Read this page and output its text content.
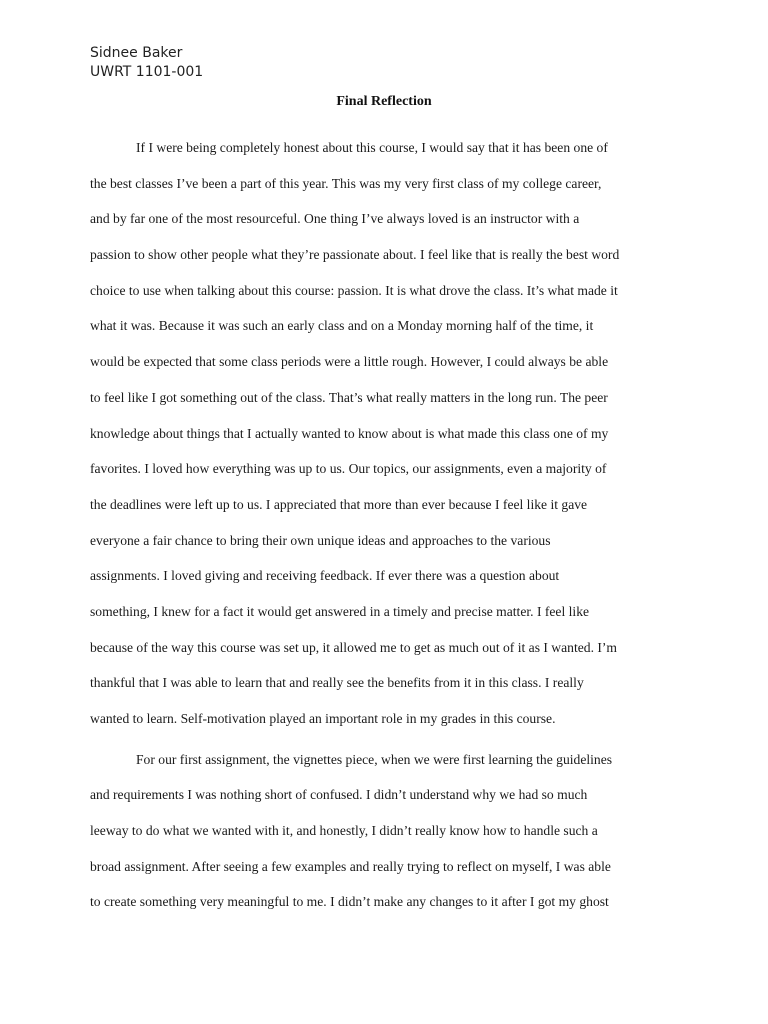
Sidnee Baker
UWRT 1101-001
Final Reflection
If I were being completely honest about this course, I would say that it has been one of
the best classes I’ve been a part of this year. This was my very first class of my college career,
and by far one of the most resourceful. One thing I’ve always loved is an instructor with a
passion to show other people what they’re passionate about. I feel like that is really the best word
choice to use when talking about this course: passion. It is what drove the class. It’s what made it
what it was. Because it was such an early class and on a Monday morning half of the time, it
would be expected that some class periods were a little rough. However, I could always be able
to feel like I got something out of the class. That’s what really matters in the long run. The peer
knowledge about things that I actually wanted to know about is what made this class one of my
favorites. I loved how everything was up to us. Our topics, our assignments, even a majority of
the deadlines were left up to us. I appreciated that more than ever because I feel like it gave
everyone a fair chance to bring their own unique ideas and approaches to the various
assignments. I loved giving and receiving feedback. If ever there was a question about
something, I knew for a fact it would get answered in a timely and precise matter. I feel like
because of the way this course was set up, it allowed me to get as much out of it as I wanted. I’m
thankful that I was able to learn that and really see the benefits from it in this class. I really
wanted to learn. Self-motivation played an important role in my grades in this course.
For our first assignment, the vignettes piece, when we were first learning the guidelines
and requirements I was nothing short of confused. I didn’t understand why we had so much
leeway to do what we wanted with it, and honestly, I didn’t really know how to handle such a
broad assignment. After seeing a few examples and really trying to reflect on myself, I was able
to create something very meaningful to me. I didn’t make any changes to it after I got my ghost
